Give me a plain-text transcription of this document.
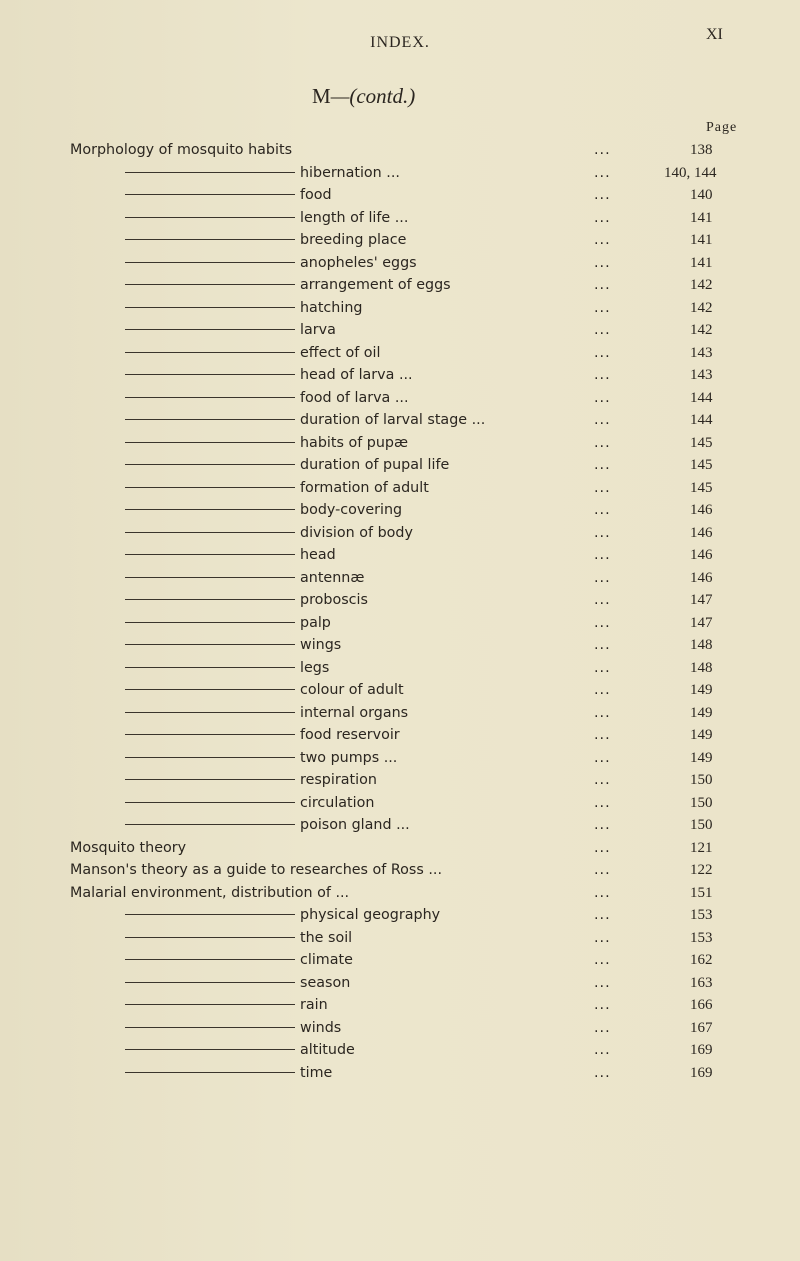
INDEX.	XI
M—(contd.)
Page
Morphology of mosquito habits	...	138
hibernation ...	...	140, 144
food	...	140
length of life ...	...	141
breeding place	...	141
anopheles' eggs	...	141
arrangement of eggs	...	142
hatching	...	142
larva	...	142
effect of oil	...	143
head of larva ...	...	143
food of larva ...	...	144
duration of larval stage ...	...	144
habits of pupæ	...	145
duration of pupal life	...	145
formation of adult	...	145
body-covering	...	146
division of body	...	146
head	...	146
antennæ	...	146
proboscis	...	147
palp	...	147
wings	...	148
legs	...	148
colour of adult	...	149
internal organs	...	149
food reservoir	...	149
two pumps ...	...	149
respiration	...	150
circulation	...	150
poison gland ...	...	150
Mosquito theory	...	121
Manson's theory as a guide to researches of Ross ...	...	122
Malarial environment, distribution of ...	...	151
physical geography	...	153
the soil	...	153
climate	...	162
season	...	163
rain	...	166
winds	...	167
altitude	...	169
time	...	169
